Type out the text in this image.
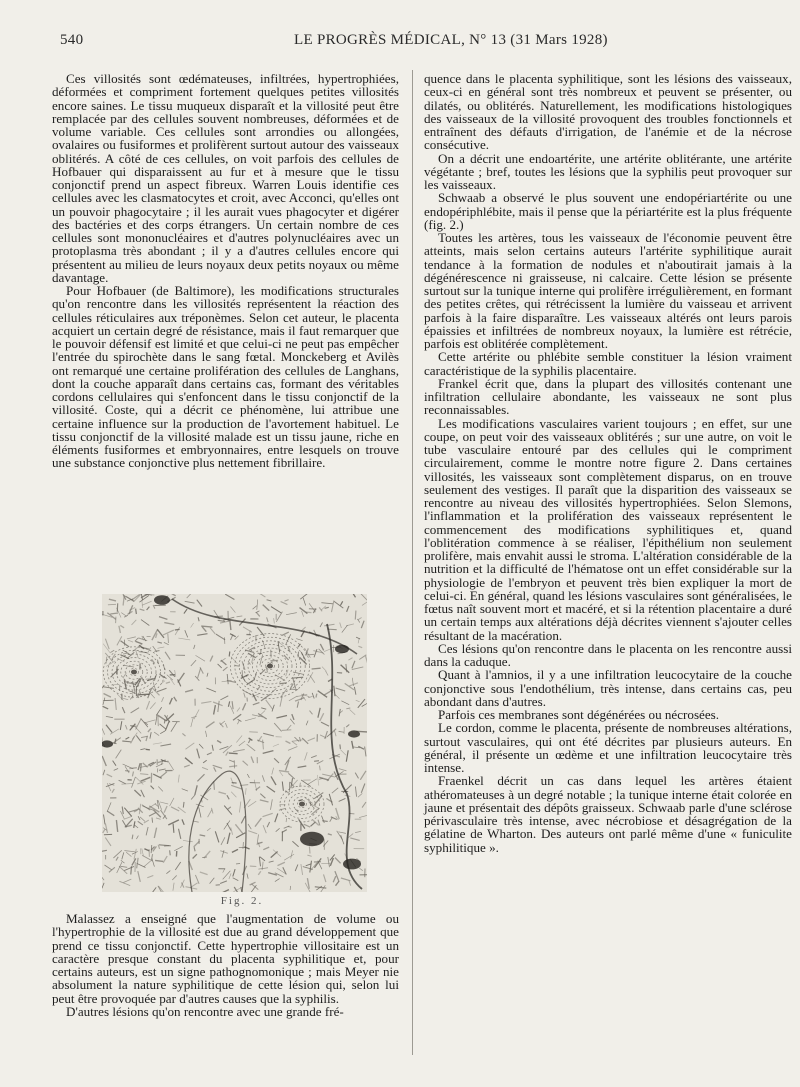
540	LE PROGRÈS MÉDICAL, N° 13 (31 Mars 1928)

Ces villosités sont œdémateuses, infiltrées, hypertrophiées, déformées et compriment fortement quelques petites villosités encore saines. Le tissu muqueux disparaît et la villosité peut être remplacée par des cellules souvent nombreuses, déformées et de volume variable. Ces cellules sont arrondies ou allongées, ovalaires ou fusiformes et prolifèrent surtout autour des vaisseaux oblitérés. A côté de ces cellules, on voit parfois des cellules de Hofbauer qui disparaissent au fur et à mesure que le tissu conjonctif prend un aspect fibreux. Warren Louis identifie ces cellules avec les clasmatocytes et croit, avec Acconci, qu'elles ont un pouvoir phagocytaire ; il les aurait vues phagocyter et digérer des bactéries et des corps étrangers. Un certain nombre de ces cellules sont mononucléaires et d'autres polynucléaires avec un protoplasma très abondant ; il y a d'autres cellules encore qui présentent au milieu de leurs noyaux deux petits noyaux ou même davantage.

Pour Hofbauer (de Baltimore), les modifications structurales qu'on rencontre dans les villosités représentent la réaction des cellules réticulaires aux tréponèmes. Selon cet auteur, le placenta acquiert un certain degré de résistance, mais il faut remarquer que le pouvoir défensif est limité et que celui-ci ne peut pas empêcher l'entrée du spirochète dans le sang fœtal. Monckeberg et Avilès ont remarqué une certaine prolifération des cellules de Langhans, dont la couche apparaît dans certains cas, formant des véritables cordons cellulaires qui s'enfoncent dans le tissu conjonctif de la villosité. Coste, qui a décrit ce phénomène, lui attribue une certaine influence sur la production de l'avortement habituel. Le tissu conjonctif de la villosité malade est un tissu jaune, riche en éléments fusiformes et embryonnaires, entre lesquels on trouve une substance conjonctive plus nettement fibrillaire.

Fig. 2.

Malassez a enseigné que l'augmentation de volume ou l'hypertrophie de la villosité est due au grand développement que prend ce tissu conjonctif. Cette hypertrophie villositaire est un caractère presque constant du placenta syphilitique et, pour certains auteurs, est un signe pathognomonique ; mais Meyer nie absolument la nature syphilitique de cette lésion qui, selon lui peut être provoquée par d'autres causes que la syphilis.

D'autres lésions qu'on rencontre avec une grande fré-

quence dans le placenta syphilitique, sont les lésions des vaisseaux, ceux-ci en général sont très nombreux et peuvent se présenter, ou dilatés, ou oblitérés. Naturellement, les modifications histologiques des vaisseaux de la villosité provoquent des troubles fonctionnels et entraînent des défauts d'irrigation, de l'anémie et de la nécrose consécutive.

On a décrit une endoartérite, une artérite oblitérante, une artérite végétante ; bref, toutes les lésions que la syphilis peut provoquer sur les vaisseaux.

Schwaab a observé le plus souvent une endopériartérite ou une endopériphlébite, mais il pense que la périartérite est la plus fréquente (fig. 2.)

Toutes les artères, tous les vaisseaux de l'économie peuvent être atteints, mais selon certains auteurs l'artérite syphilitique aurait tendance à la formation de nodules et n'aboutirait jamais à la dégénérescence ni graisseuse, ni calcaire. Cette lésion se présente surtout sur la tunique interne qui prolifère irrégulièrement, en formant des petites crêtes, qui rétrécissent la lumière du vaisseau et arrivent parfois à la faire disparaître. Les vaisseaux altérés ont leurs parois épaissies et infiltrées de nombreux noyaux, la lumière est rétrécie, parfois est oblitérée complètement.

Cette artérite ou phlébite semble constituer la lésion vraiment caractéristique de la syphilis placentaire.

Frankel écrit que, dans la plupart des villosités contenant une infiltration cellulaire abondante, les vaisseaux ne sont plus reconnaissables.

Les modifications vasculaires varient toujours ; en effet, sur une coupe, on peut voir des vaisseaux oblitérés ; sur une autre, on voit le tube vasculaire entouré par des cellules qui le compriment circulairement, comme le montre notre figure 2. Dans certaines villosités, les vaisseaux sont complètement disparus, on en trouve seulement des vestiges. Il paraît que la disparition des vaisseaux se rencontre au niveau des villosités hypertrophiées. Selon Slemons, l'inflammation et la prolifération des vaisseaux représentent le commencement des modifications syphilitiques et, quand l'oblitération commence à se réaliser, l'épithélium non seulement prolifère, mais envahit aussi le stroma. L'altération considérable de la nutrition et la difficulté de l'hématose ont un effet considérable sur la physiologie de l'embryon et peuvent très bien expliquer la mort de celui-ci. En général, quand les lésions vasculaires sont généralisées, le fœtus naît souvent mort et macéré, et si la rétention placentaire a duré un certain temps aux altérations déjà décrites viennent s'ajouter celles résultant de la macération.

Ces lésions qu'on rencontre dans le placenta on les rencontre aussi dans la caduque.

Quant à l'amnios, il y a une infiltration leucocytaire de la couche conjonctive sous l'endothélium, très intense, dans certains cas, peu abondant dans d'autres.

Parfois ces membranes sont dégénérées ou nécrosées.

Le cordon, comme le placenta, présente de nombreuses altérations, surtout vasculaires, qui ont été décrites par plusieurs auteurs. En général, il présente un œdème et une infiltration leucocytaire très intense.

Fraenkel décrit un cas dans lequel les artères étaient athéromateuses à un degré notable ; la tunique interne était colorée en jaune et présentait des dépôts graisseux. Schwaab parle d'une sclérose périvasculaire très intense, avec nécrobiose et désagrégation de la gélatine de Wharton. Des auteurs ont parlé même d'une « funiculite syphilitique ».
